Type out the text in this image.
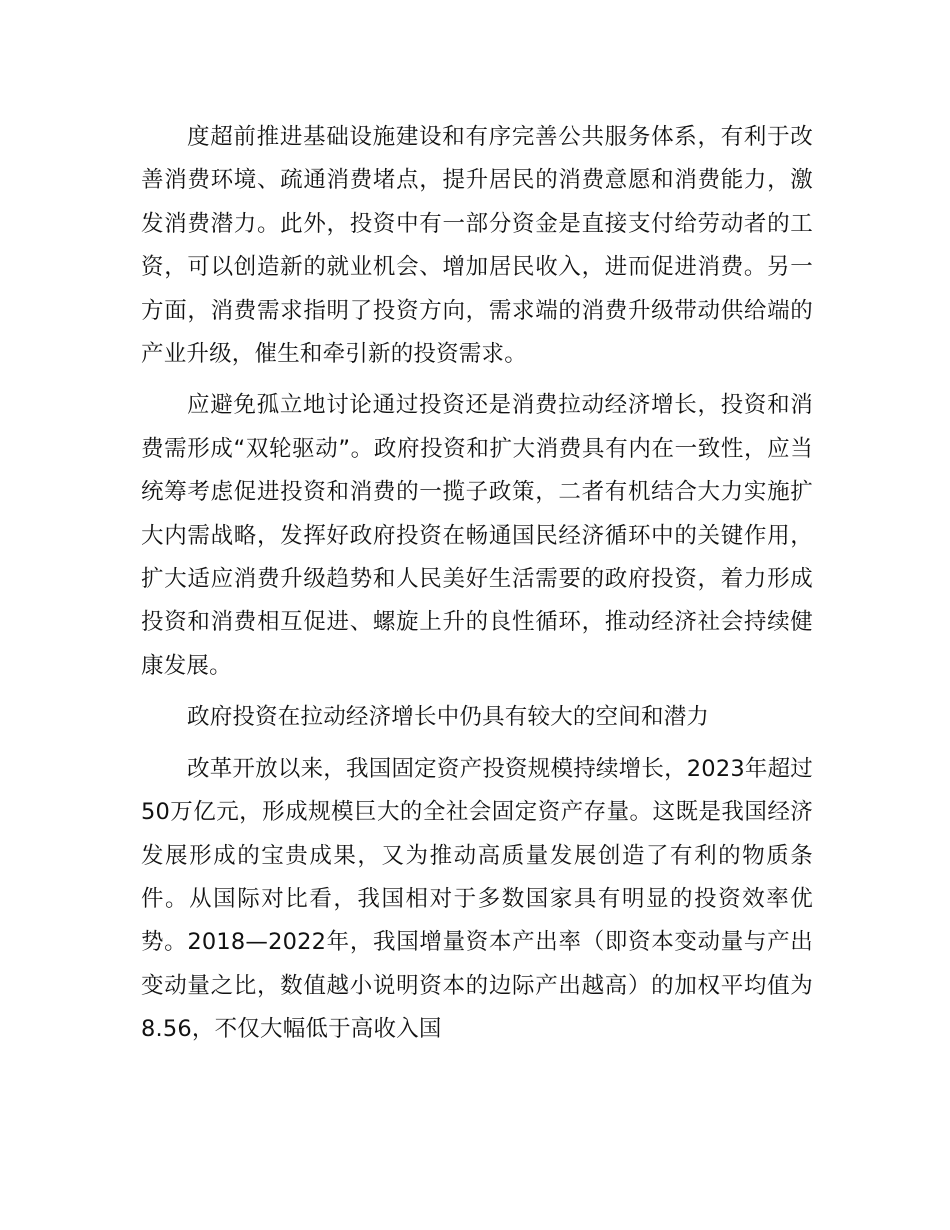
度超前推进基础设施建设和有序完善公共服务体系，有利于改善消费环境、疏通消费堵点，提升居民的消费意愿和消费能力，激发消费潜力。此外，投资中有一部分资金是直接支付给劳动者的工资，可以创造新的就业机会、增加居民收入，进而促进消费。另一方面，消费需求指明了投资方向，需求端的消费升级带动供给端的产业升级，催生和牵引新的投资需求。

应避免孤立地讨论通过投资还是消费拉动经济增长，投资和消费需形成“双轮驱动”。政府投资和扩大消费具有内在一致性，应当统筹考虑促进投资和消费的一揽子政策，二者有机结合大力实施扩大内需战略，发挥好政府投资在畅通国民经济循环中的关键作用，扩大适应消费升级趋势和人民美好生活需要的政府投资，着力形成投资和消费相互促进、螺旋上升的良性循环，推动经济社会持续健康发展。

政府投资在拉动经济增长中仍具有较大的空间和潜力

改革开放以来，我国固定资产投资规模持续增长，2023年超过50万亿元，形成规模巨大的全社会固定资产存量。这既是我国经济发展形成的宝贵成果，又为推动高质量发展创造了有利的物质条件。从国际对比看，我国相对于多数国家具有明显的投资效率优势。2018—2022年，我国增量资本产出率（即资本变动量与产出变动量之比，数值越小说明资本的边际产出越高）的加权平均值为8.56，不仅大幅低于高收入国
